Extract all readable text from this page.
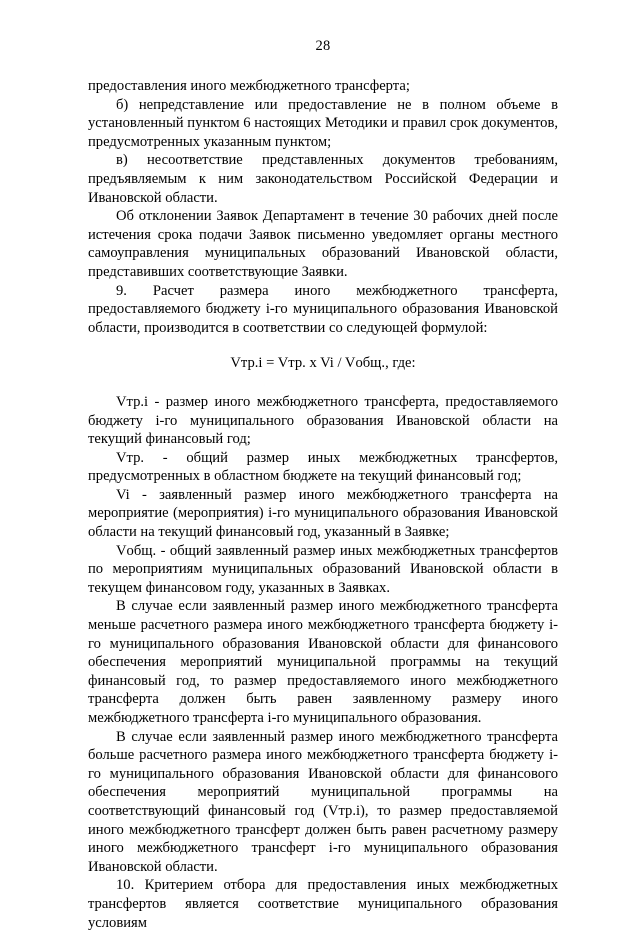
28

предоставления иного межбюджетного трансферта;

б) непредставление или предоставление не в полном объеме в установленный пунктом 6 настоящих Методики и правил срок документов, предусмотренных указанным пунктом;

в) несоответствие представленных документов требованиям, предъявляемым к ним законодательством Российской Федерации и Ивановской области.

Об отклонении Заявок Департамент в течение 30 рабочих дней после истечения срока подачи Заявок письменно уведомляет органы местного самоуправления муниципальных образований Ивановской области, представивших соответствующие Заявки.

9. Расчет размера иного межбюджетного трансферта, предоставляемого бюджету i-го муниципального образования Ивановской области, производится в соответствии со следующей формулой:

Vтр.i = Vтр. x Vi / Vобщ., где:

Vтр.i - размер иного межбюджетного трансферта, предоставляемого бюджету i-го муниципального образования Ивановской области на текущий финансовый год;

Vтр. - общий размер иных межбюджетных трансфертов, предусмотренных в областном бюджете на текущий финансовый год;

Vi - заявленный размер иного межбюджетного трансферта на мероприятие (мероприятия) i-го муниципального образования Ивановской области на текущий финансовый год, указанный в Заявке;

Vобщ. - общий заявленный размер иных межбюджетных трансфертов по мероприятиям муниципальных образований Ивановской области в текущем финансовом году, указанных в Заявках.

В случае если заявленный размер иного межбюджетного трансферта меньше расчетного размера иного межбюджетного трансферта бюджету i-го муниципального образования Ивановской области для финансового обеспечения мероприятий муниципальной программы на текущий финансовый год, то размер предоставляемого иного межбюджетного трансферта должен быть равен заявленному размеру иного межбюджетного трансферта i-го муниципального образования.

В случае если заявленный размер иного межбюджетного трансферта больше расчетного размера иного межбюджетного трансферта бюджету i-го муниципального образования Ивановской области для финансового обеспечения мероприятий муниципальной программы на соответствующий финансовый год (Vтр.i), то размер предоставляемой иного межбюджетного трансферт должен быть равен расчетному размеру иного межбюджетного трансферт i-го муниципального образования Ивановской области.

10. Критерием отбора для предоставления иных межбюджетных трансфертов является соответствие муниципального образования условиям
